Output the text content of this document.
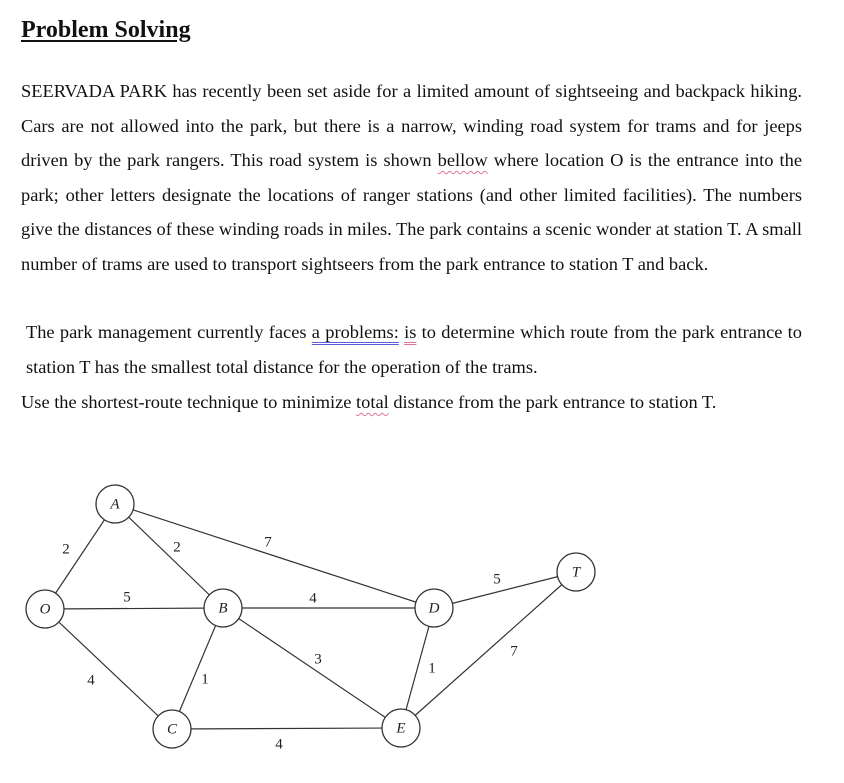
Problem Solving

SEERVADA PARK has recently been set aside for a limited amount of sightseeing and backpack hiking. Cars are not allowed into the park, but there is a narrow, winding road system for trams and for jeeps driven by the park rangers. This road system is shown bellow where location O is the entrance into the park; other letters designate the locations of ranger stations (and other limited facilities). The numbers give the distances of these winding roads in miles. The park contains a scenic wonder at station T. A small number of trams are used to transport sightseers from the park entrance to station T and back.

The park management currently faces a problems: is to determine which route from the park entrance to station T has the smallest total distance for the operation of the trams.

Use the shortest-route technique to minimize total distance from the park entrance to station T.

2
5
4
2	7
1
4
3
4
1
5
7
O
A
B
C
D
E
T
